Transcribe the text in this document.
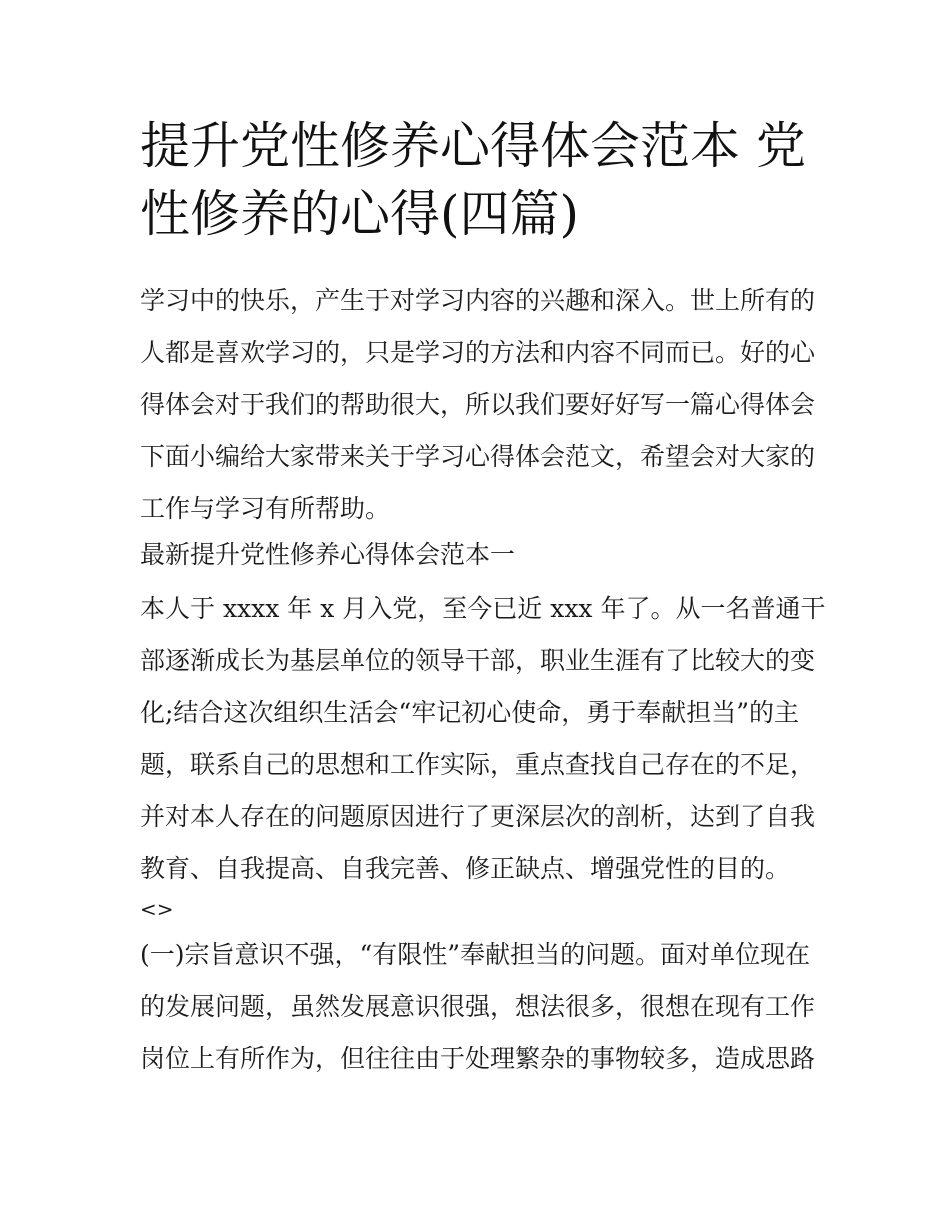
提升党性修养心得体会范本 党
性修养的心得(四篇)

学习中的快乐，产生于对学习内容的兴趣和深入。世上所有的

人都是喜欢学习的，只是学习的方法和内容不同而已。好的心

得体会对于我们的帮助很大，所以我们要好好写一篇心得体会

下面小编给大家带来关于学习心得体会范文，希望会对大家的

工作与学习有所帮助。

最新提升党性修养心得体会范本一

本人于 xxxx 年 x 月入党，至今已近 xxx 年了。从一名普通干

部逐渐成长为基层单位的领导干部，职业生涯有了比较大的变

化;结合这次组织生活会“牢记初心使命，勇于奉献担当”的主

题，联系自己的思想和工作实际，重点查找自己存在的不足，

并对本人存在的问题原因进行了更深层次的剖析，达到了自我

教育、自我提高、自我完善、修正缺点、增强党性的目的。

<>

(一)宗旨意识不强，“有限性”奉献担当的问题。面对单位现在

的发展问题，虽然发展意识很强，想法很多，很想在现有工作

岗位上有所作为，但往往由于处理繁杂的事物较多，造成思路
